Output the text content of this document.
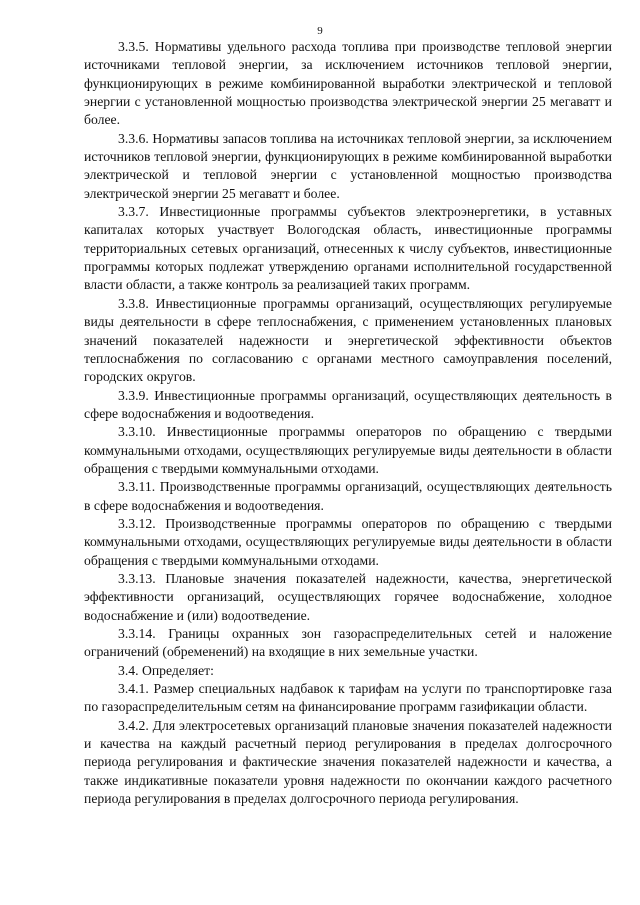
9

3.3.5. Нормативы удельного расхода топлива при производстве тепловой энергии источниками тепловой энергии, за исключением источников тепловой энергии, функционирующих в режиме комбинированной выработки электрической и тепловой энергии с установленной мощностью производства электрической энергии 25 мегаватт и более.

3.3.6. Нормативы запасов топлива на источниках тепловой энергии, за исключением источников тепловой энергии, функционирующих в режиме комбинированной выработки электрической и тепловой энергии с установленной мощностью производства электрической энергии 25 мегаватт и более.

3.3.7. Инвестиционные программы субъектов электроэнергетики, в уставных капиталах которых участвует Вологодская область, инвестиционные программы территориальных сетевых организаций, отнесенных к числу субъектов, инвестиционные программы которых подлежат утверждению органами исполнительной государственной власти области, а также контроль за реализацией таких программ.

3.3.8. Инвестиционные программы организаций, осуществляющих регулируемые виды деятельности в сфере теплоснабжения, с применением установленных плановых значений показателей надежности и энергетической эффективности объектов теплоснабжения по согласованию с органами местного самоуправления поселений, городских округов.

3.3.9. Инвестиционные программы организаций, осуществляющих деятельность в сфере водоснабжения и водоотведения.

3.3.10. Инвестиционные программы операторов по обращению с твердыми коммунальными отходами, осуществляющих регулируемые виды деятельности в области обращения с твердыми коммунальными отходами.

3.3.11. Производственные программы организаций, осуществляющих деятельность в сфере водоснабжения и водоотведения.

3.3.12. Производственные программы операторов по обращению с твердыми коммунальными отходами, осуществляющих регулируемые виды деятельности в области обращения с твердыми коммунальными отходами.

3.3.13. Плановые значения показателей надежности, качества, энергетической эффективности организаций, осуществляющих горячее водоснабжение, холодное водоснабжение и (или) водоотведение.

3.3.14. Границы охранных зон газораспределительных сетей и наложение ограничений (обременений) на входящие в них земельные участки.

3.4. Определяет:

3.4.1. Размер специальных надбавок к тарифам на услуги по транспортировке газа по газораспределительным сетям на финансирование программ газификации области.

3.4.2. Для электросетевых организаций плановые значения показателей надежности и качества на каждый расчетный период регулирования в пределах долгосрочного периода регулирования и фактические значения показателей надежности и качества, а также индикативные показатели уровня надежности по окончании каждого расчетного периода регулирования в пределах долгосрочного периода регулирования.
